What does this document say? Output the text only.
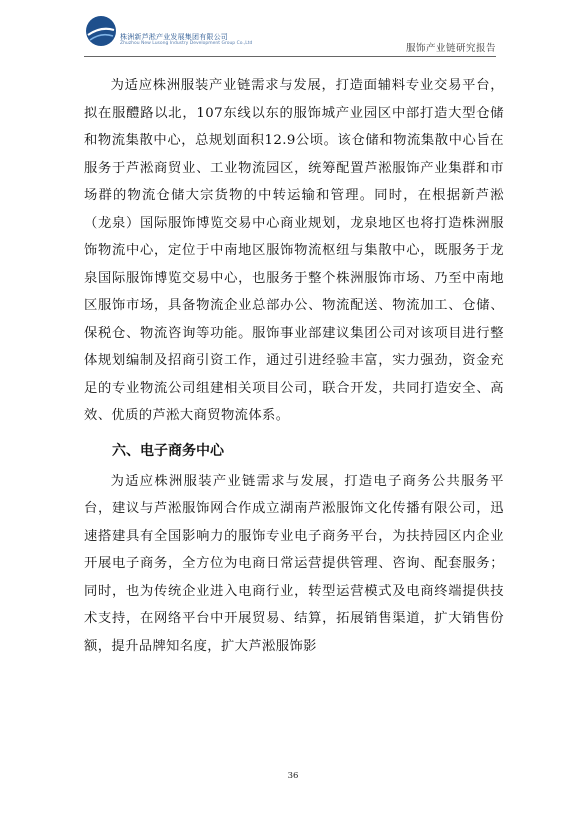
株洲新芦淞产业发展集团有限公司
Zhuzhou New Lusong Industry Development Group Co.,Ltd	服饰产业链研究报告

为适应株洲服装产业链需求与发展，打造面辅料专业交易平台，拟在服醴路以北，107东线以东的服饰城产业园区中部打造大型仓储和物流集散中心，总规划面积12.9公顷。该仓储和物流集散中心旨在服务于芦淞商贸业、工业物流园区，统筹配置芦淞服饰产业集群和市场群的物流仓储大宗货物的中转运输和管理。同时，在根据新芦淞（龙泉）国际服饰博览交易中心商业规划，龙泉地区也将打造株洲服饰物流中心，定位于中南地区服饰物流枢纽与集散中心，既服务于龙泉国际服饰博览交易中心，也服务于整个株洲服饰市场、乃至中南地区服饰市场，具备物流企业总部办公、物流配送、物流加工、仓储、保税仓、物流咨询等功能。服饰事业部建议集团公司对该项目进行整体规划编制及招商引资工作，通过引进经验丰富，实力强劲，资金充足的专业物流公司组建相关项目公司，联合开发，共同打造安全、高效、优质的芦淞大商贸物流体系。

六、电子商务中心

为适应株洲服装产业链需求与发展，打造电子商务公共服务平台，建议与芦淞服饰网合作成立湖南芦淞服饰文化传播有限公司，迅速搭建具有全国影响力的服饰专业电子商务平台，为扶持园区内企业开展电子商务，全方位为电商日常运营提供管理、咨询、配套服务；同时，也为传统企业进入电商行业，转型运营模式及电商终端提供技术支持，在网络平台中开展贸易、结算，拓展销售渠道，扩大销售份额，提升品牌知名度，扩大芦淞服饰影

36
